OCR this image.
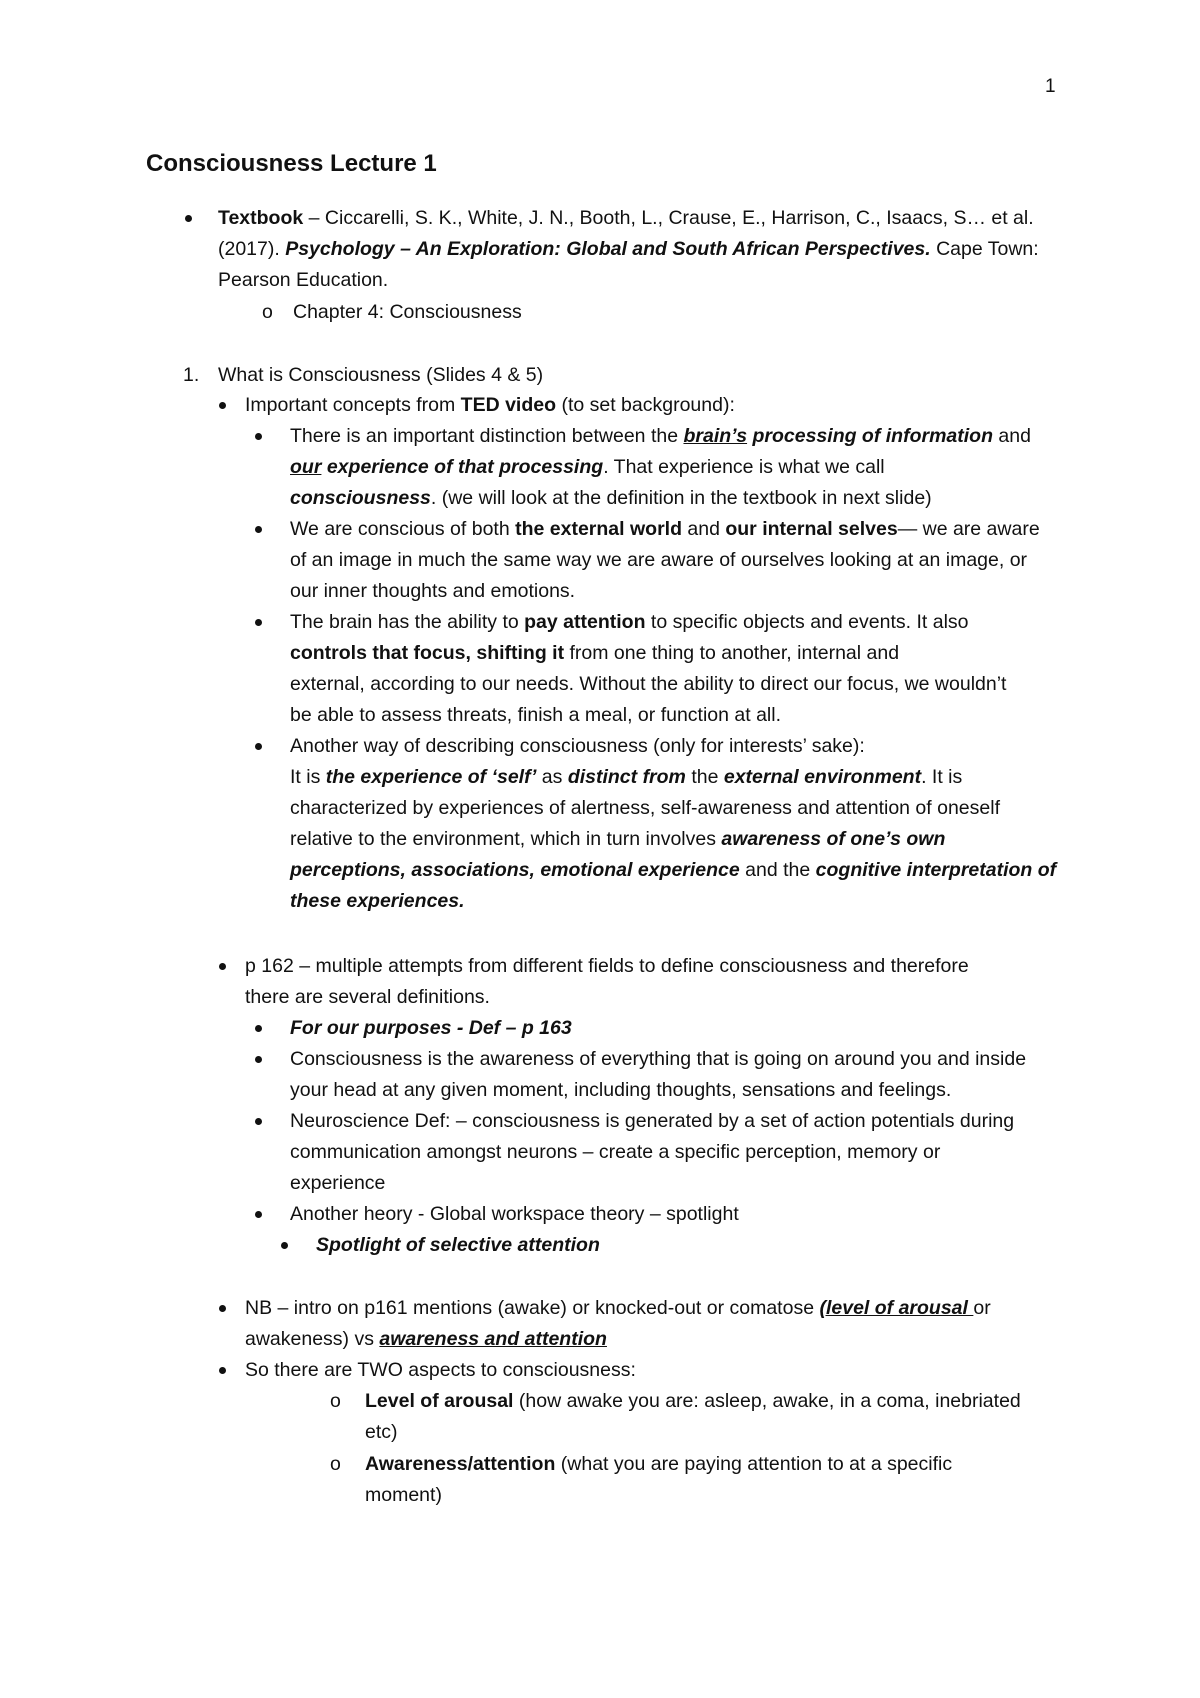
1
Consciousness Lecture 1
Textbook – Ciccarelli, S. K., White, J. N., Booth, L., Crause, E., Harrison, C., Isaacs, S… et al.
(2017). Psychology – An Exploration: Global and South African Perspectives. Cape Town:
Pearson Education.
o Chapter 4: Consciousness
1. What is Consciousness (Slides 4 & 5)
Important concepts from TED video (to set background):
There is an important distinction between the brain’s processing of information and
our experience of that processing. That experience is what we call
consciousness. (we will look at the definition in the textbook in next slide)
We are conscious of both the external world and our internal selves— we are aware
of an image in much the same way we are aware of ourselves looking at an image, or
our inner thoughts and emotions.
The brain has the ability to pay attention to specific objects and events. It also
controls that focus, shifting it from one thing to another, internal and
external, according to our needs. Without the ability to direct our focus, we wouldn’t
be able to assess threats, finish a meal, or function at all.
Another way of describing consciousness (only for interests’ sake):
It is the experience of ‘self’ as distinct from the external environment. It is
characterized by experiences of alertness, self-awareness and attention of oneself
relative to the environment, which in turn involves awareness of one’s own
perceptions, associations, emotional experience and the cognitive interpretation of
these experiences.
p 162 – multiple attempts from different fields to define consciousness and therefore
there are several definitions.
For our purposes - Def – p 163
Consciousness is the awareness of everything that is going on around you and inside
your head at any given moment, including thoughts, sensations and feelings.
Neuroscience Def: – consciousness is generated by a set of action potentials during
communication amongst neurons – create a specific perception, memory or
experience
Another heory - Global workspace theory – spotlight
Spotlight of selective attention
NB – intro on p161 mentions (awake) or knocked-out or comatose (level of arousal or
awakeness) vs awareness and attention
So there are TWO aspects to consciousness:
o Level of arousal (how awake you are: asleep, awake, in a coma, inebriated
etc)
o Awareness/attention (what you are paying attention to at a specific
moment)
